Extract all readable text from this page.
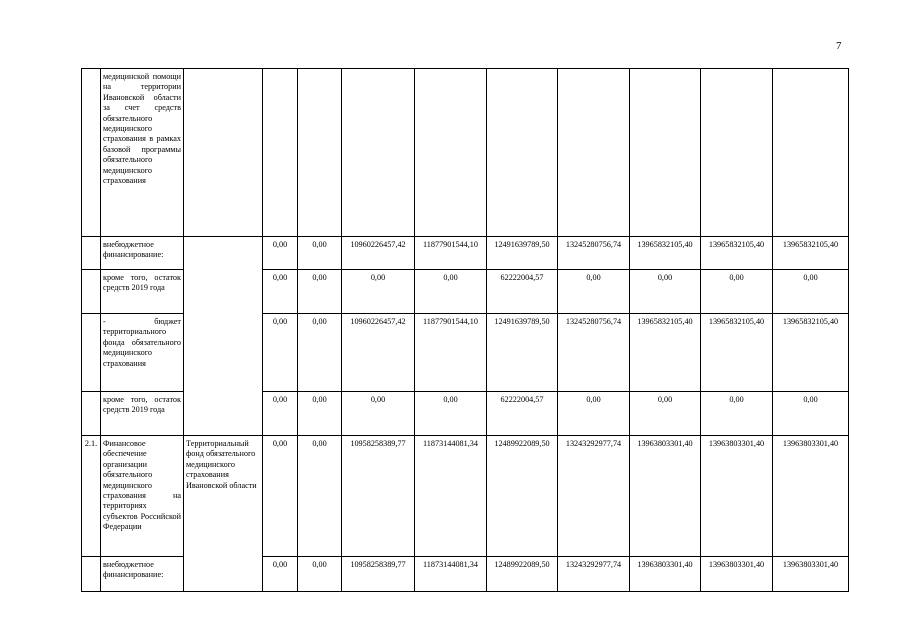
7
	медицинской помощи на территории Ивановской области за счет средств обязательного медицинского страхования в рамках базовой программы обязательного медицинского страхования										
	внебюджетное финансирование:		0,00	0,00	10960226457,42	11877901544,10	12491639789,50	13245280756,74	13965832105,40	13965832105,40	13965832105,40
	кроме того, остаток средств 2019 года		0,00	0,00	0,00	0,00	62222004,57	0,00	0,00	0,00	0,00
	- бюджет территориального фонда обязательного медицинского страхования		0,00	0,00	10960226457,42	11877901544,10	12491639789,50	13245280756,74	13965832105,40	13965832105,40	13965832105,40
	кроме того, остаток средств 2019 года		0,00	0,00	0,00	0,00	62222004,57	0,00	0,00	0,00	0,00
2.1.	Финансовое обеспечение организации обязательного медицинского страхования на территориях субъектов Российской Федерации	Территориальный фонд обязательного медицинского страхования Ивановской области	0,00	0,00	10958258389,77	11873144081,34	12489922089,50	13243292977,74	13963803301,40	13963803301,40	13963803301,40
	внебюджетное финансирование:		0,00	0,00	10958258389,77	11873144081,34	12489922089,50	13243292977,74	13963803301,40	13963803301,40	13963803301,40
